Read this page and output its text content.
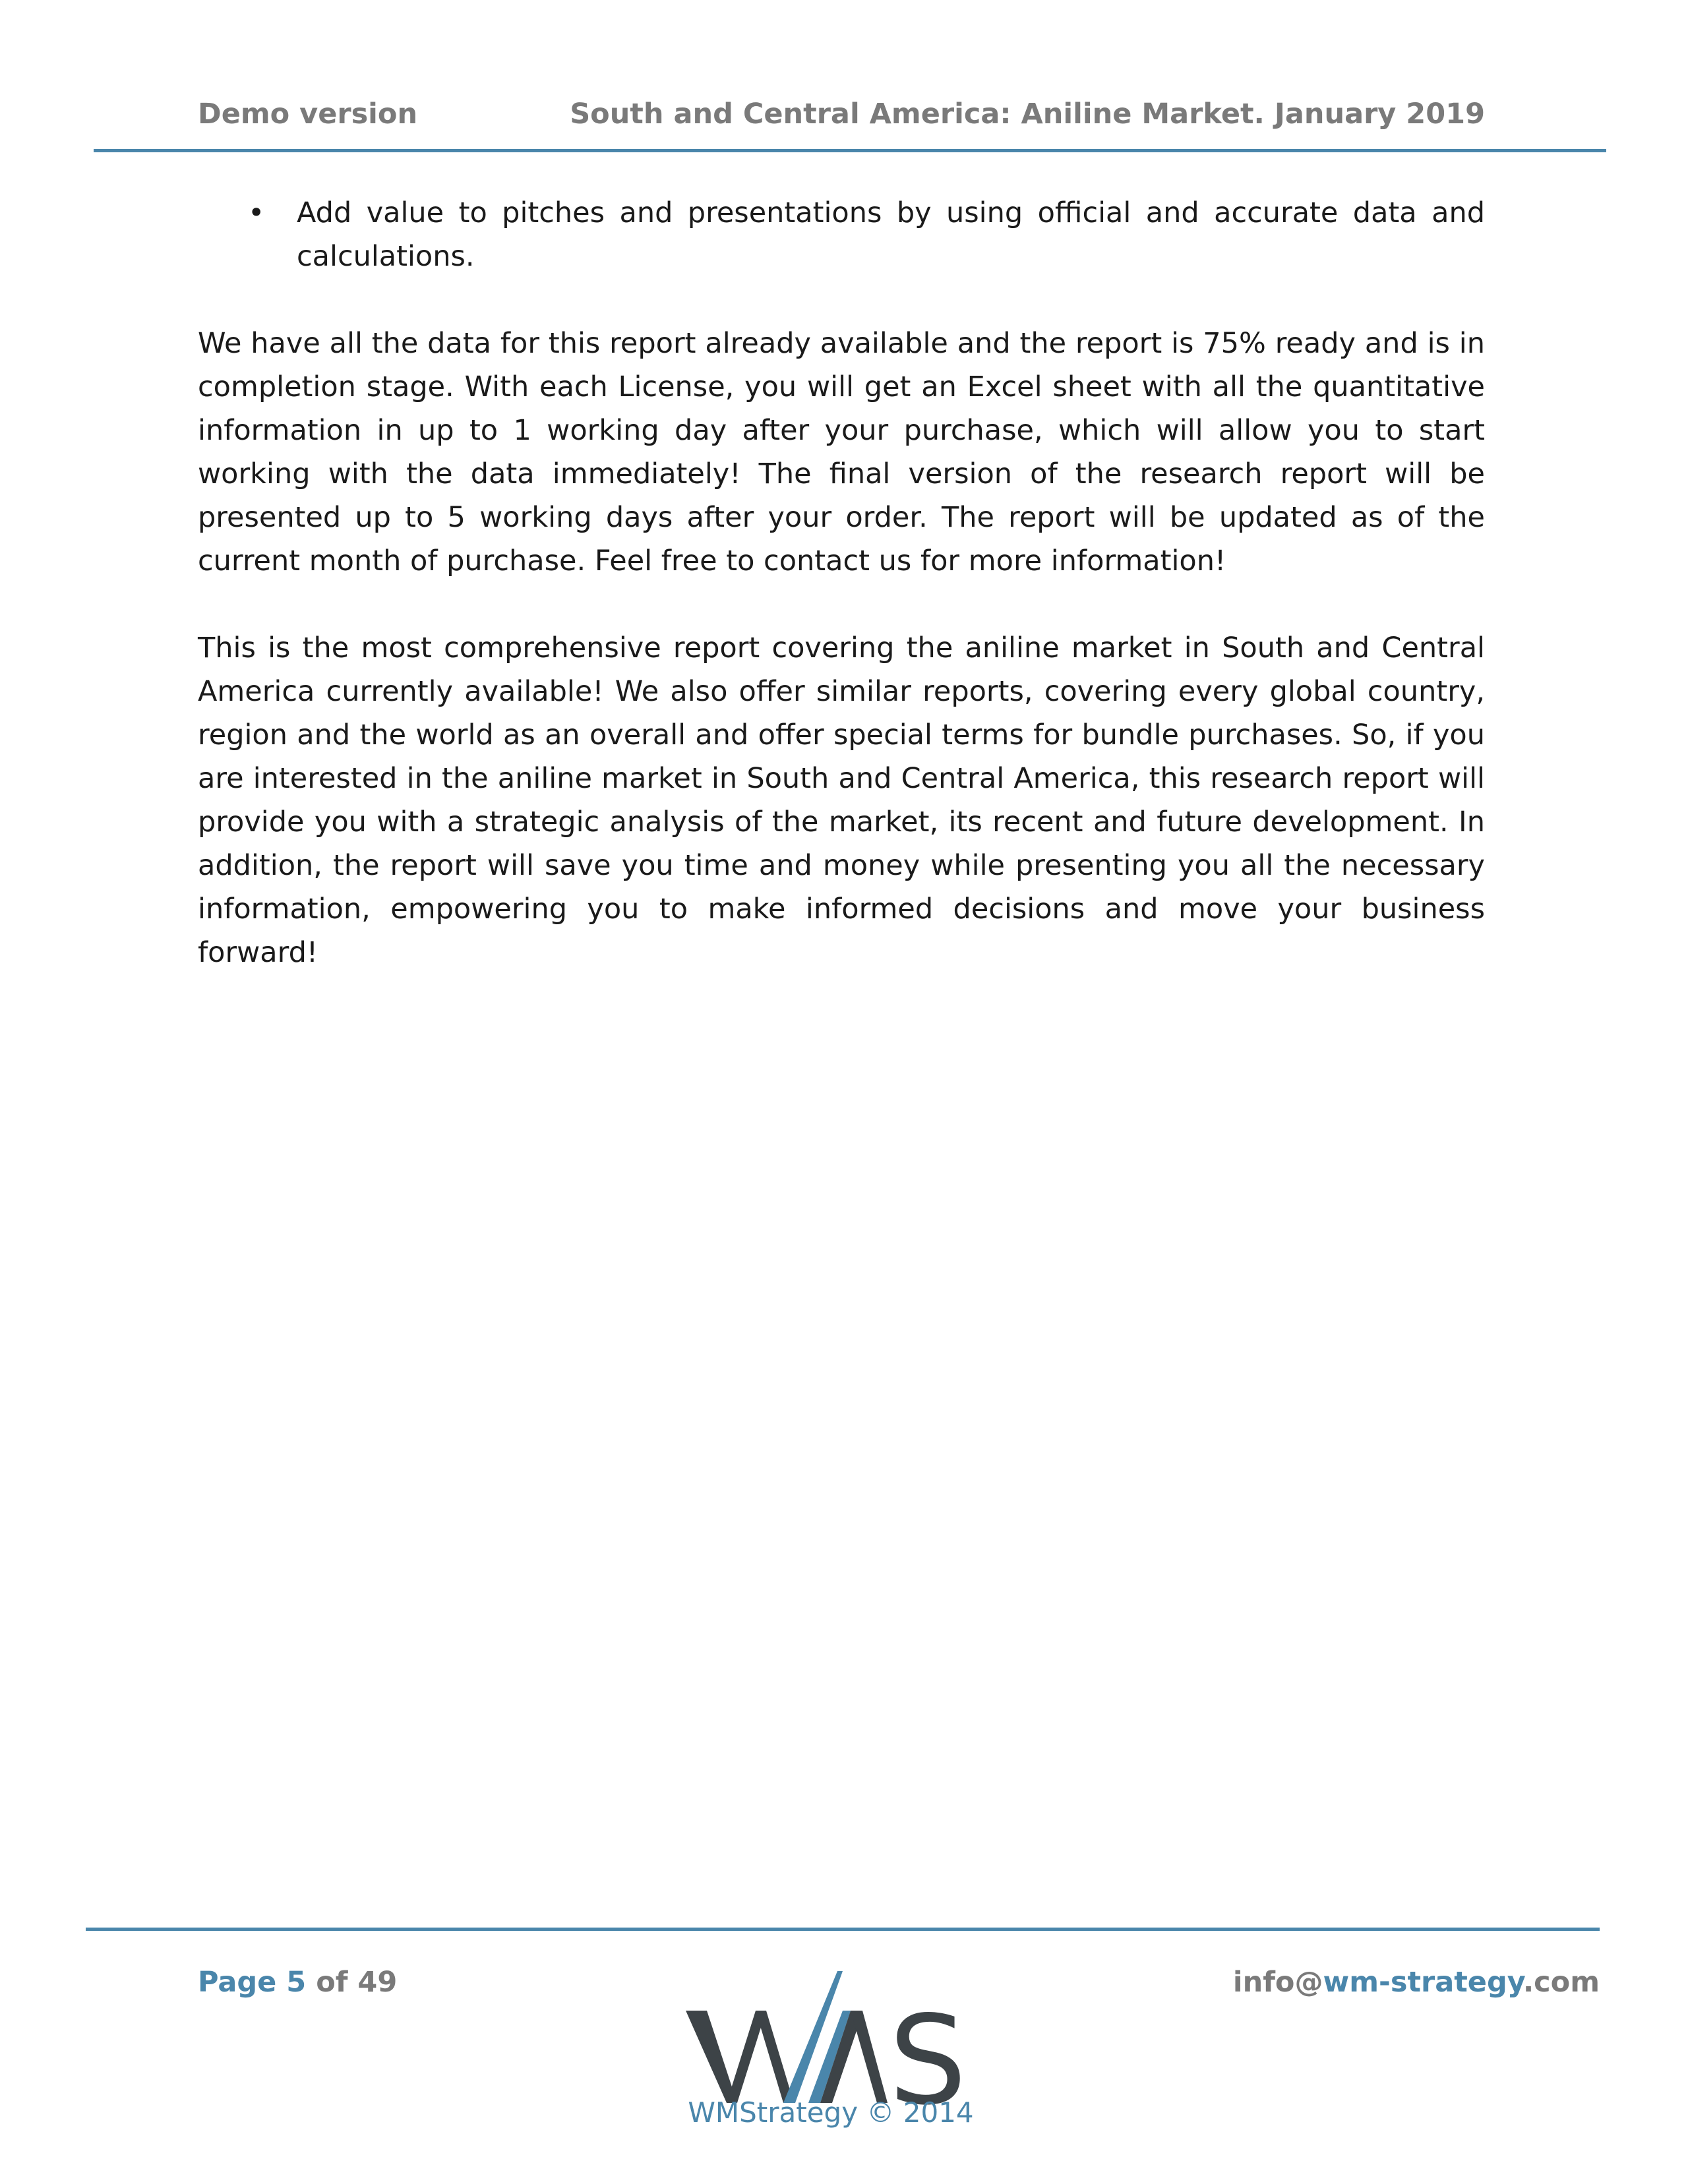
Demo version	South and Central America: Aniline Market. January 2019
• Add value to pitches and presentations by using official and accurate data and calculations.

We have all the data for this report already available and the report is 75% ready and is in completion stage. With each License, you will get an Excel sheet with all the quantitative information in up to 1 working day after your purchase, which will allow you to start working with the data immediately! The final version of the research report will be presented up to 5 working days after your order. The report will be updated as of the current month of purchase. Feel free to contact us for more information!

This is the most comprehensive report covering the aniline market in South and Central America currently available! We also offer similar reports, covering every global country, region and the world as an overall and offer special terms for bundle purchases. So, if you are interested in the aniline market in South and Central America, this research report will provide you with a strategic analysis of the market, its recent and future development. In addition, the report will save you time and money while presenting you all the necessary information, empowering you to make informed decisions and move your business forward!

Page 5 of 49	info@wm-strategy.com
S
WMStrategy © 2014
